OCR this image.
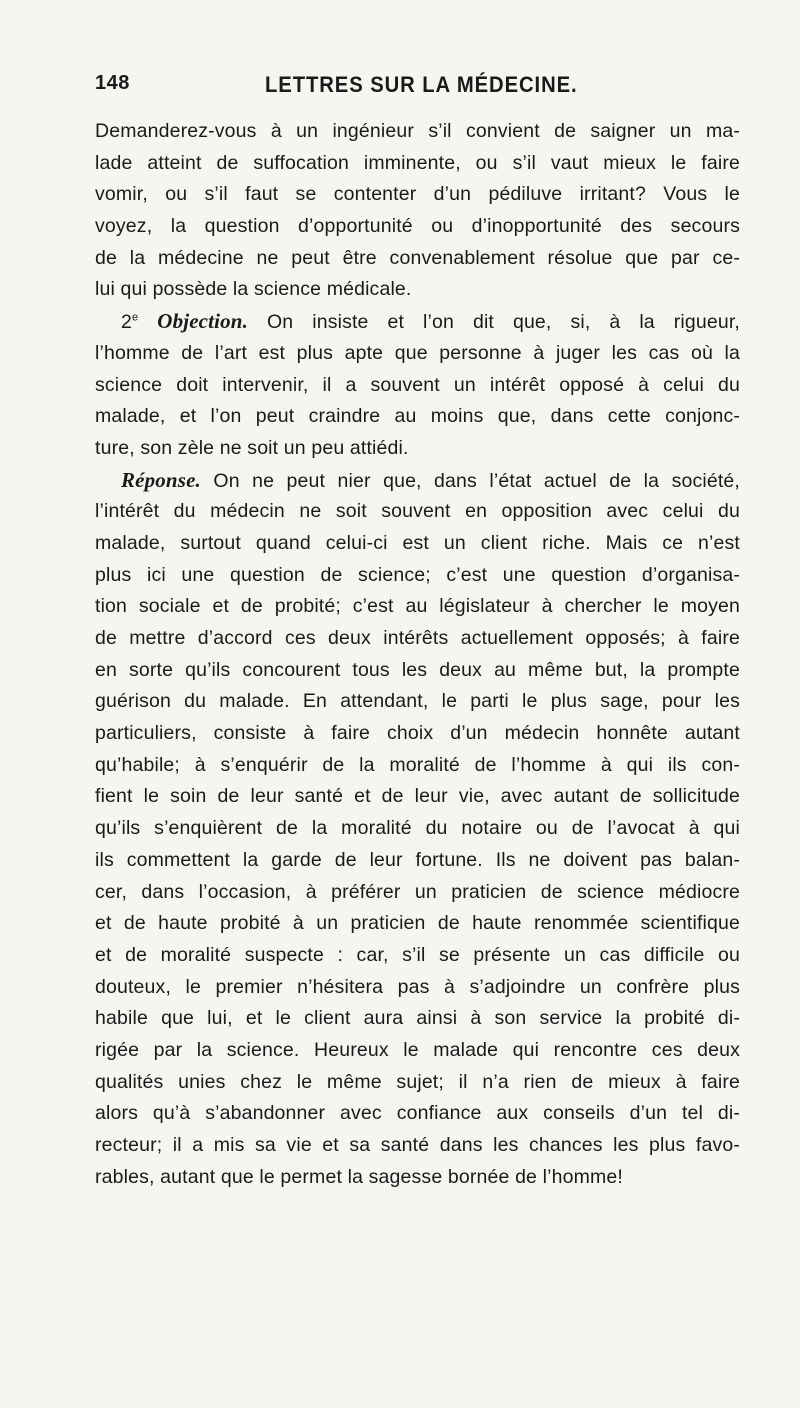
148	LETTRES SUR LA MÉDECINE.
Demanderez-vous à un ingénieur s’il convient de saigner un ma-
lade atteint de suffocation imminente, ou s’il vaut mieux le faire
vomir, ou s’il faut se contenter d’un pédiluve irritant? Vous le
voyez, la question d’opportunité ou d’inopportunité des secours
de la médecine ne peut être convenablement résolue que par ce-
lui qui possède la science médicale.
2e Objection. On insiste et l’on dit que, si, à la rigueur,
l’homme de l’art est plus apte que personne à juger les cas où la
science doit intervenir, il a souvent un intérêt opposé à celui du
malade, et l’on peut craindre au moins que, dans cette conjonc-
ture, son zèle ne soit un peu attiédi.
Réponse. On ne peut nier que, dans l’état actuel de la société,
l’intérêt du médecin ne soit souvent en opposition avec celui du
malade, surtout quand celui-ci est un client riche. Mais ce n’est
plus ici une question de science; c’est une question d’organisa-
tion sociale et de probité; c’est au législateur à chercher le moyen
de mettre d’accord ces deux intérêts actuellement opposés; à faire
en sorte qu’ils concourent tous les deux au même but, la prompte
guérison du malade. En attendant, le parti le plus sage, pour les
particuliers, consiste à faire choix d’un médecin honnête autant
qu’habile; à s’enquérir de la moralité de l’homme à qui ils con-
fient le soin de leur santé et de leur vie, avec autant de sollicitude
qu’ils s’enquièrent de la moralité du notaire ou de l’avocat à qui
ils commettent la garde de leur fortune. Ils ne doivent pas balan-
cer, dans l’occasion, à préférer un praticien de science médiocre
et de haute probité à un praticien de haute renommée scientifique
et de moralité suspecte : car, s’il se présente un cas difficile ou
douteux, le premier n’hésitera pas à s’adjoindre un confrère plus
habile que lui, et le client aura ainsi à son service la probité di-
rigée par la science. Heureux le malade qui rencontre ces deux
qualités unies chez le même sujet; il n’a rien de mieux à faire
alors qu’à s’abandonner avec confiance aux conseils d’un tel di-
recteur; il a mis sa vie et sa santé dans les chances les plus favo-
rables, autant que le permet la sagesse bornée de l’homme!
